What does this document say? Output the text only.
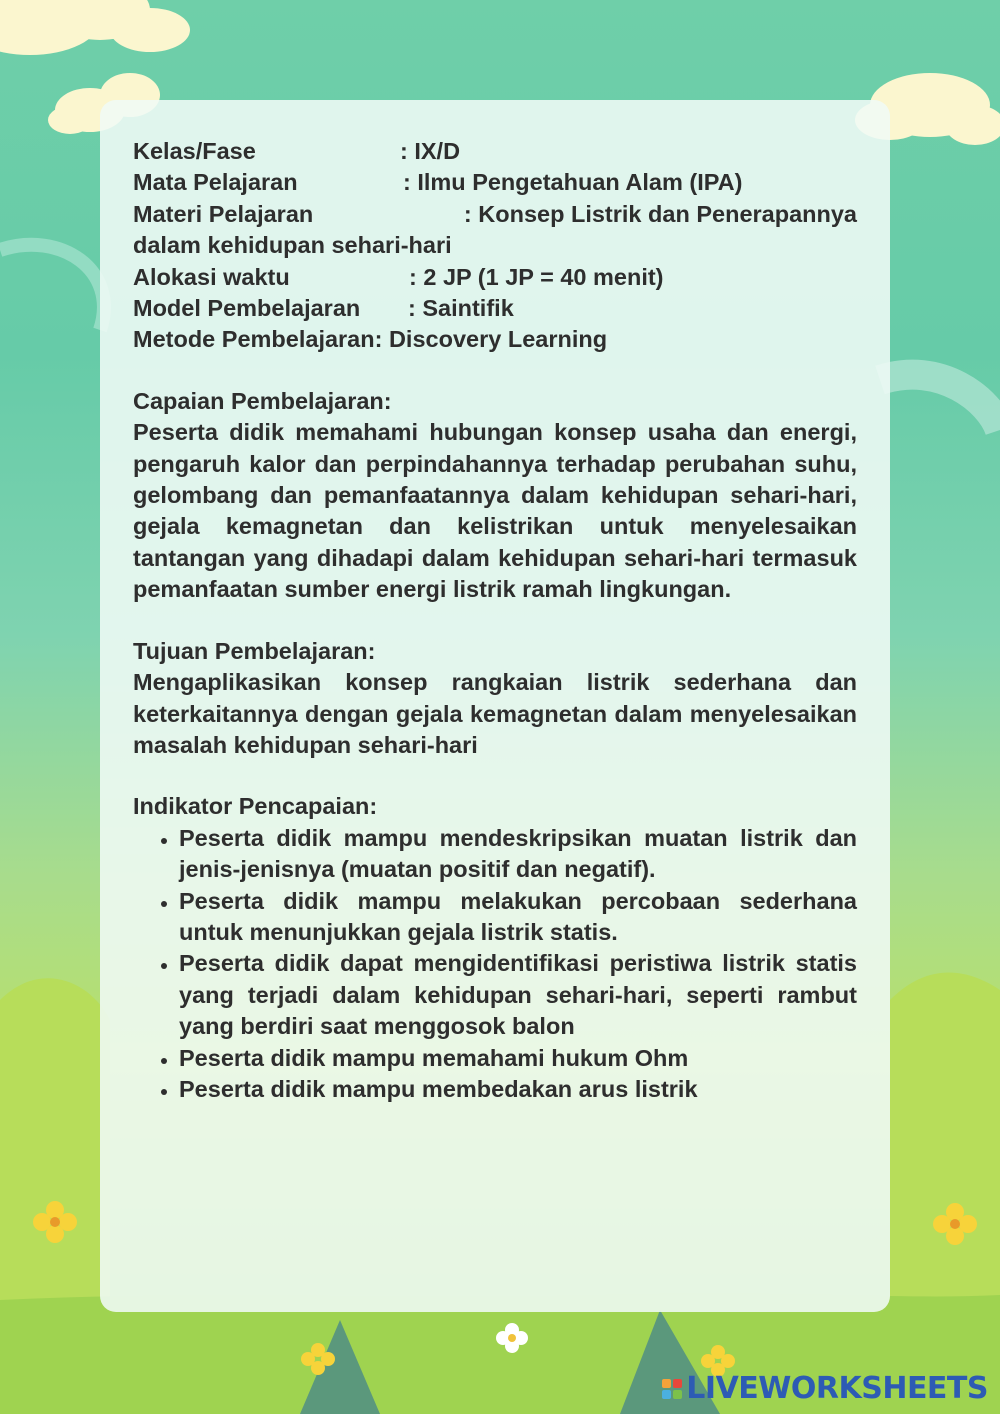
Kelas/Fase	: IX/D
Mata Pelajaran	: Ilmu Pengetahuan Alam (IPA)
Materi Pelajaran	: Konsep Listrik dan Penerapannya
dalam kehidupan sehari-hari
Alokasi waktu	: 2 JP (1 JP = 40 menit)
Model Pembelajaran	: Saintifik
Metode Pembelajaran : Discovery Learning
Capaian Pembelajaran:
Peserta didik memahami hubungan konsep usaha dan energi, pengaruh kalor dan perpindahannya terhadap perubahan suhu, gelombang dan pemanfaatannya dalam kehidupan sehari-hari, gejala kemagnetan dan kelistrikan untuk menyelesaikan tantangan yang dihadapi dalam kehidupan sehari-hari termasuk pemanfaatan sumber energi listrik ramah lingkungan.
Tujuan Pembelajaran:
Mengaplikasikan konsep rangkaian listrik sederhana dan keterkaitannya dengan gejala kemagnetan dalam menyelesaikan masalah kehidupan sehari-hari
Indikator Pencapaian:
• Peserta didik mampu mendeskripsikan muatan listrik dan jenis-jenisnya (muatan positif dan negatif).
• Peserta didik mampu melakukan percobaan sederhana untuk menunjukkan gejala listrik statis.
• Peserta didik dapat mengidentifikasi peristiwa listrik statis yang terjadi dalam kehidupan sehari-hari, seperti rambut yang berdiri saat menggosok balon
• Peserta didik mampu memahami hukum Ohm
• Peserta didik mampu membedakan arus listrik
LIVEWORKSHEETS
